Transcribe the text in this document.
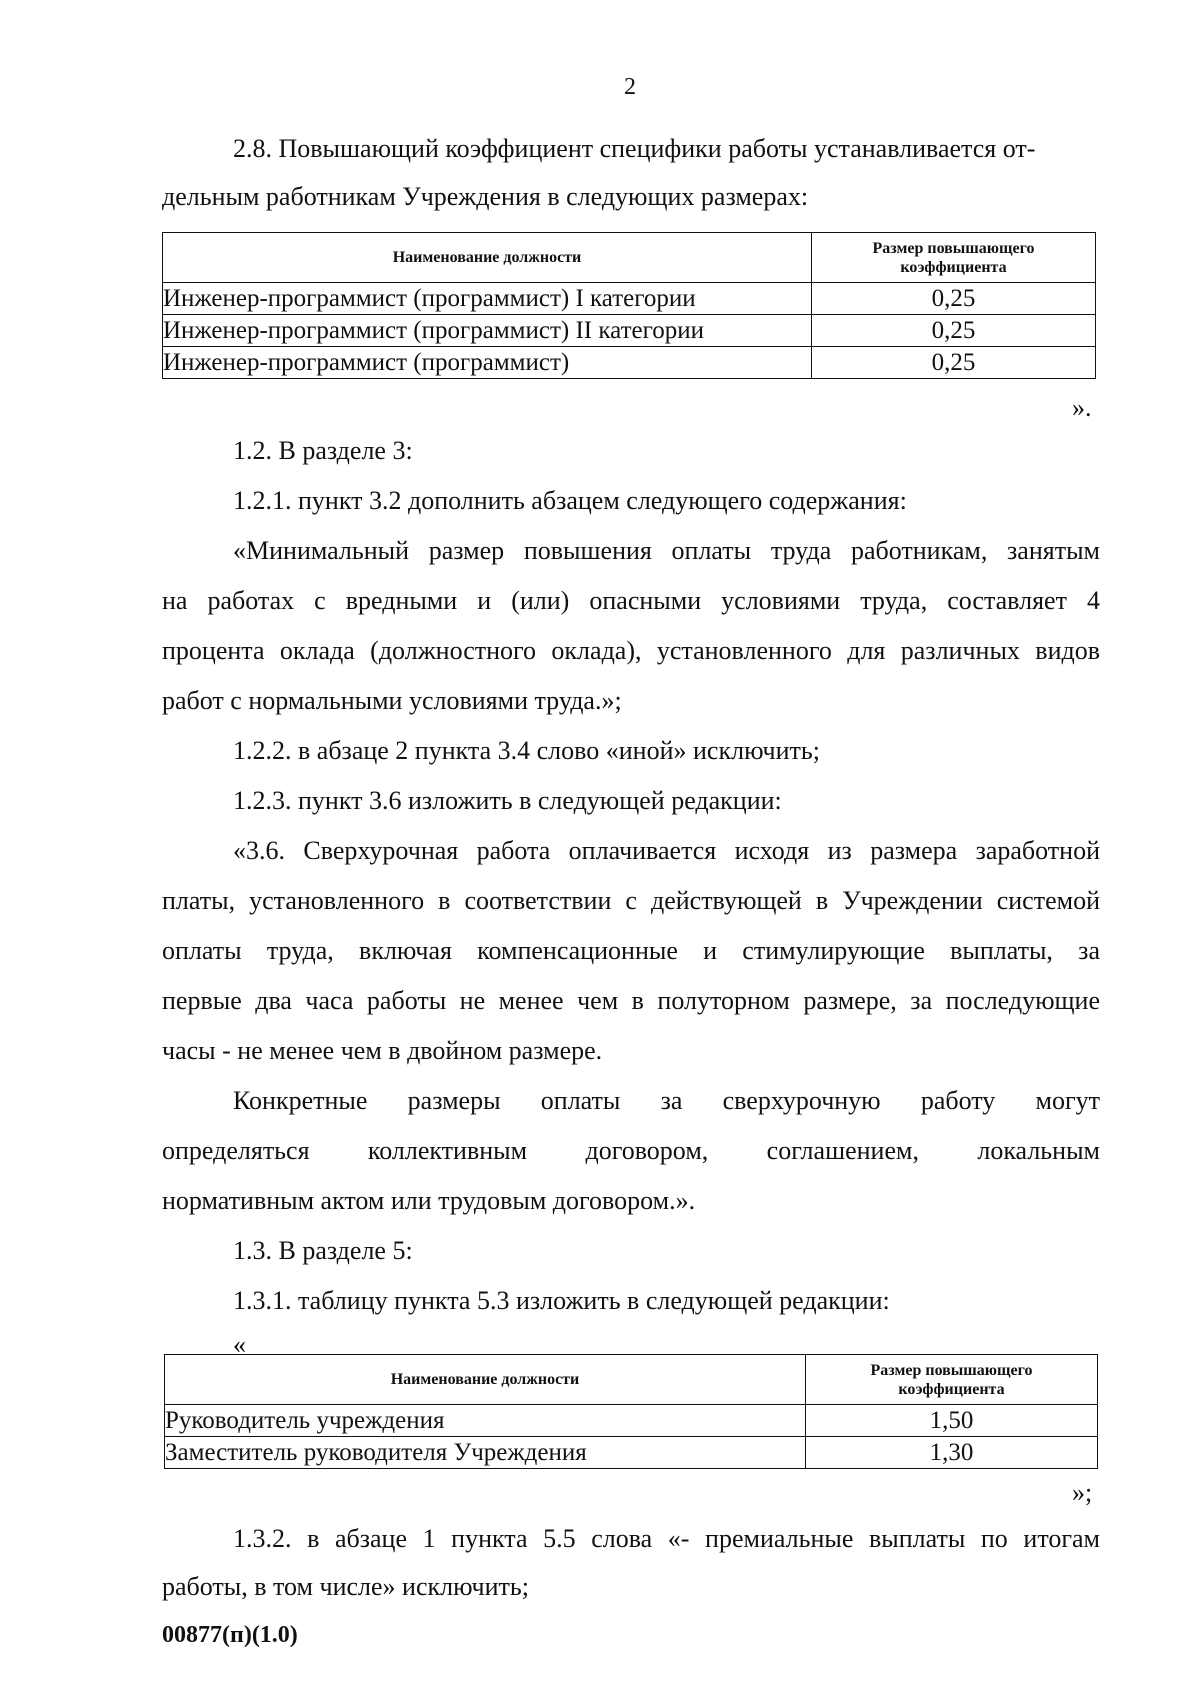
2
2.8. Повышающий коэффициент специфики работы устанавливается от-
дельным работникам Учреждения в следующих размерах:
Наименование должности	Размер повышающего
коэффициента

Инженер-программист (программист) I категории	0,25
Инженер-программист (программист) II категории	0,25
Инженер-программист (программист)	0,25
».
1.2. В разделе 3:
1.2.1. пункт 3.2 дополнить абзацем следующего содержания:
«Минимальный размер повышения оплаты труда работникам, занятым
на работах с вредными и (или) опасными условиями труда, составляет 4
процента оклада (должностного оклада), установленного для различных видов
работ с нормальными условиями труда.»;
1.2.2. в абзаце 2 пункта 3.4 слово «иной» исключить;
1.2.3. пункт 3.6 изложить в следующей редакции:
«3.6. Сверхурочная работа оплачивается исходя из размера заработной
платы, установленного в соответствии с действующей в Учреждении системой
оплаты труда, включая компенсационные и стимулирующие выплаты, за
первые два часа работы не менее чем в полуторном размере, за последующие
часы - не менее чем в двойном размере.
Конкретные размеры оплаты за сверхурочную работу могут
определяться коллективным договором, соглашением, локальным
нормативным актом или трудовым договором.».
1.3. В разделе 5:
1.3.1. таблицу пункта 5.3 изложить в следующей редакции:
«
Наименование должности	Размер повышающего
коэффициента

Руководитель учреждения	1,50
Заместитель руководителя Учреждения	1,30
»;
1.3.2. в абзаце 1 пункта 5.5 слова «- премиальные выплаты по итогам
работы, в том числе» исключить;
00877(п)(1.0)
